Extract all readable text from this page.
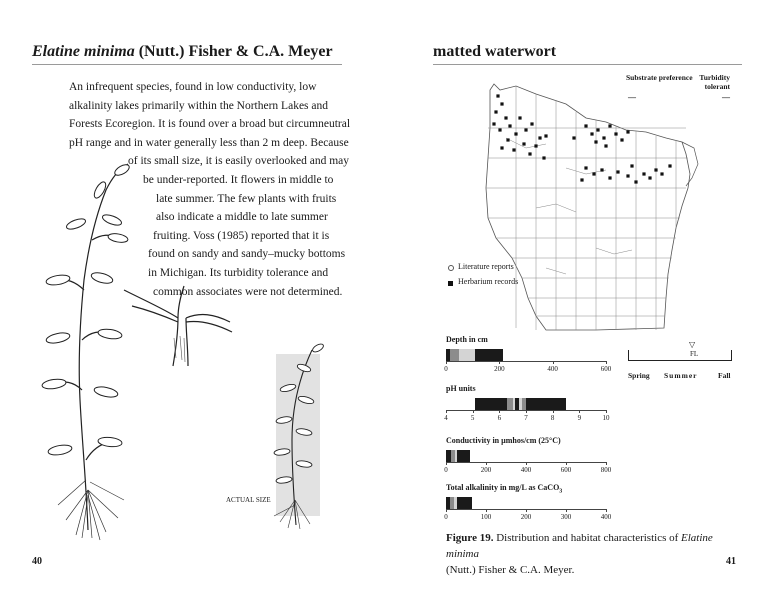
Elatine minima (Nutt.) Fisher & C.A. Meyer
An infrequent species, found in low conductivity, low
alkalinity lakes primarily within the Northern Lakes and
Forests Ecoregion. It is found over a broad but circumneutral
pH range and in water generally less than 2 m deep. Because
of its small size, it is easily overlooked and may
be under-reported. It flowers in middle to
late summer. The few plants with fruits
also indicate a middle to late summer
fruiting. Voss (1985) reported that it is
found on sandy and sandy–mucky bottoms
in Michigan. Its turbidity tolerance and
common associates were not determined.
ACTUAL SIZE
40
matted waterwort
Substrate preference
—
Turbidity tolerant
—
Literature reports
Herbarium records
Depth in cm
0	200	400	600
pH units
4	5	6	7	8	9	10
Conductivity in µmhos/cm (25°C)
0	200	400	600	800
Total alkalinity in mg/L as CaCO$_3$
0	100	200	300	400
▽
FL
Spring Summer	Fall
Figure 19. Distribution and habitat characteristics of Elatine minima
(Nutt.) Fisher & C.A. Meyer.
41
